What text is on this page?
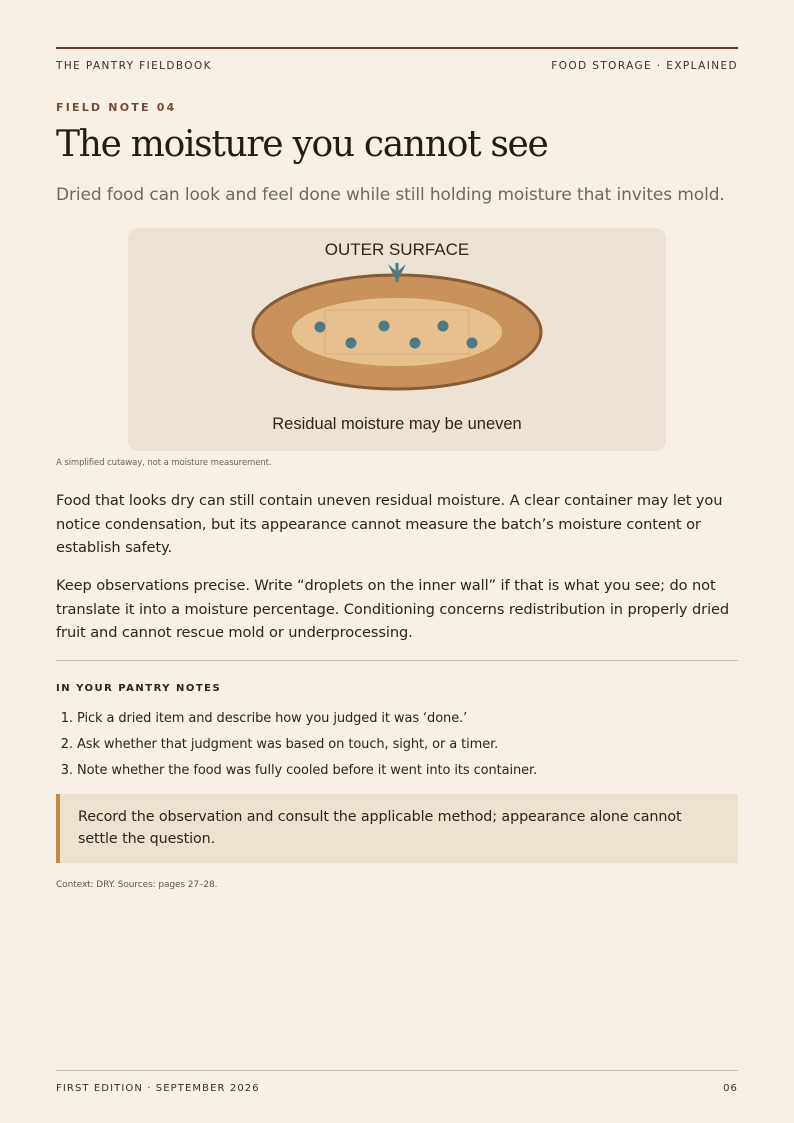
THE PANTRY FIELDBOOK	FOOD STORAGE · EXPLAINED
FIELD NOTE 04
The moisture you cannot see
Dried food can look and feel done while still holding moisture that invites mold.
OUTER SURFACE
Residual moisture may be uneven
A simplified cutaway, not a moisture measurement.

Food that looks dry can still contain uneven residual moisture. A clear container may let you notice condensation, but its appearance cannot measure the batch’s moisture content or establish safety.

Keep observations precise. Write “droplets on the inner wall” if that is what you see; do not translate it into a moisture percentage. Conditioning concerns redistribution in properly dried fruit and cannot rescue mold or underprocessing.

IN YOUR PANTRY NOTES
1. Pick a dried item and describe how you judged it was ‘done.’
2. Ask whether that judgment was based on touch, sight, or a timer.
3. Note whether the food was fully cooled before it went into its container.
Record the observation and consult the applicable method; appearance alone cannot settle the question.
Context: DRY. Sources: pages 27–28.
FIRST EDITION · SEPTEMBER 2026	06
